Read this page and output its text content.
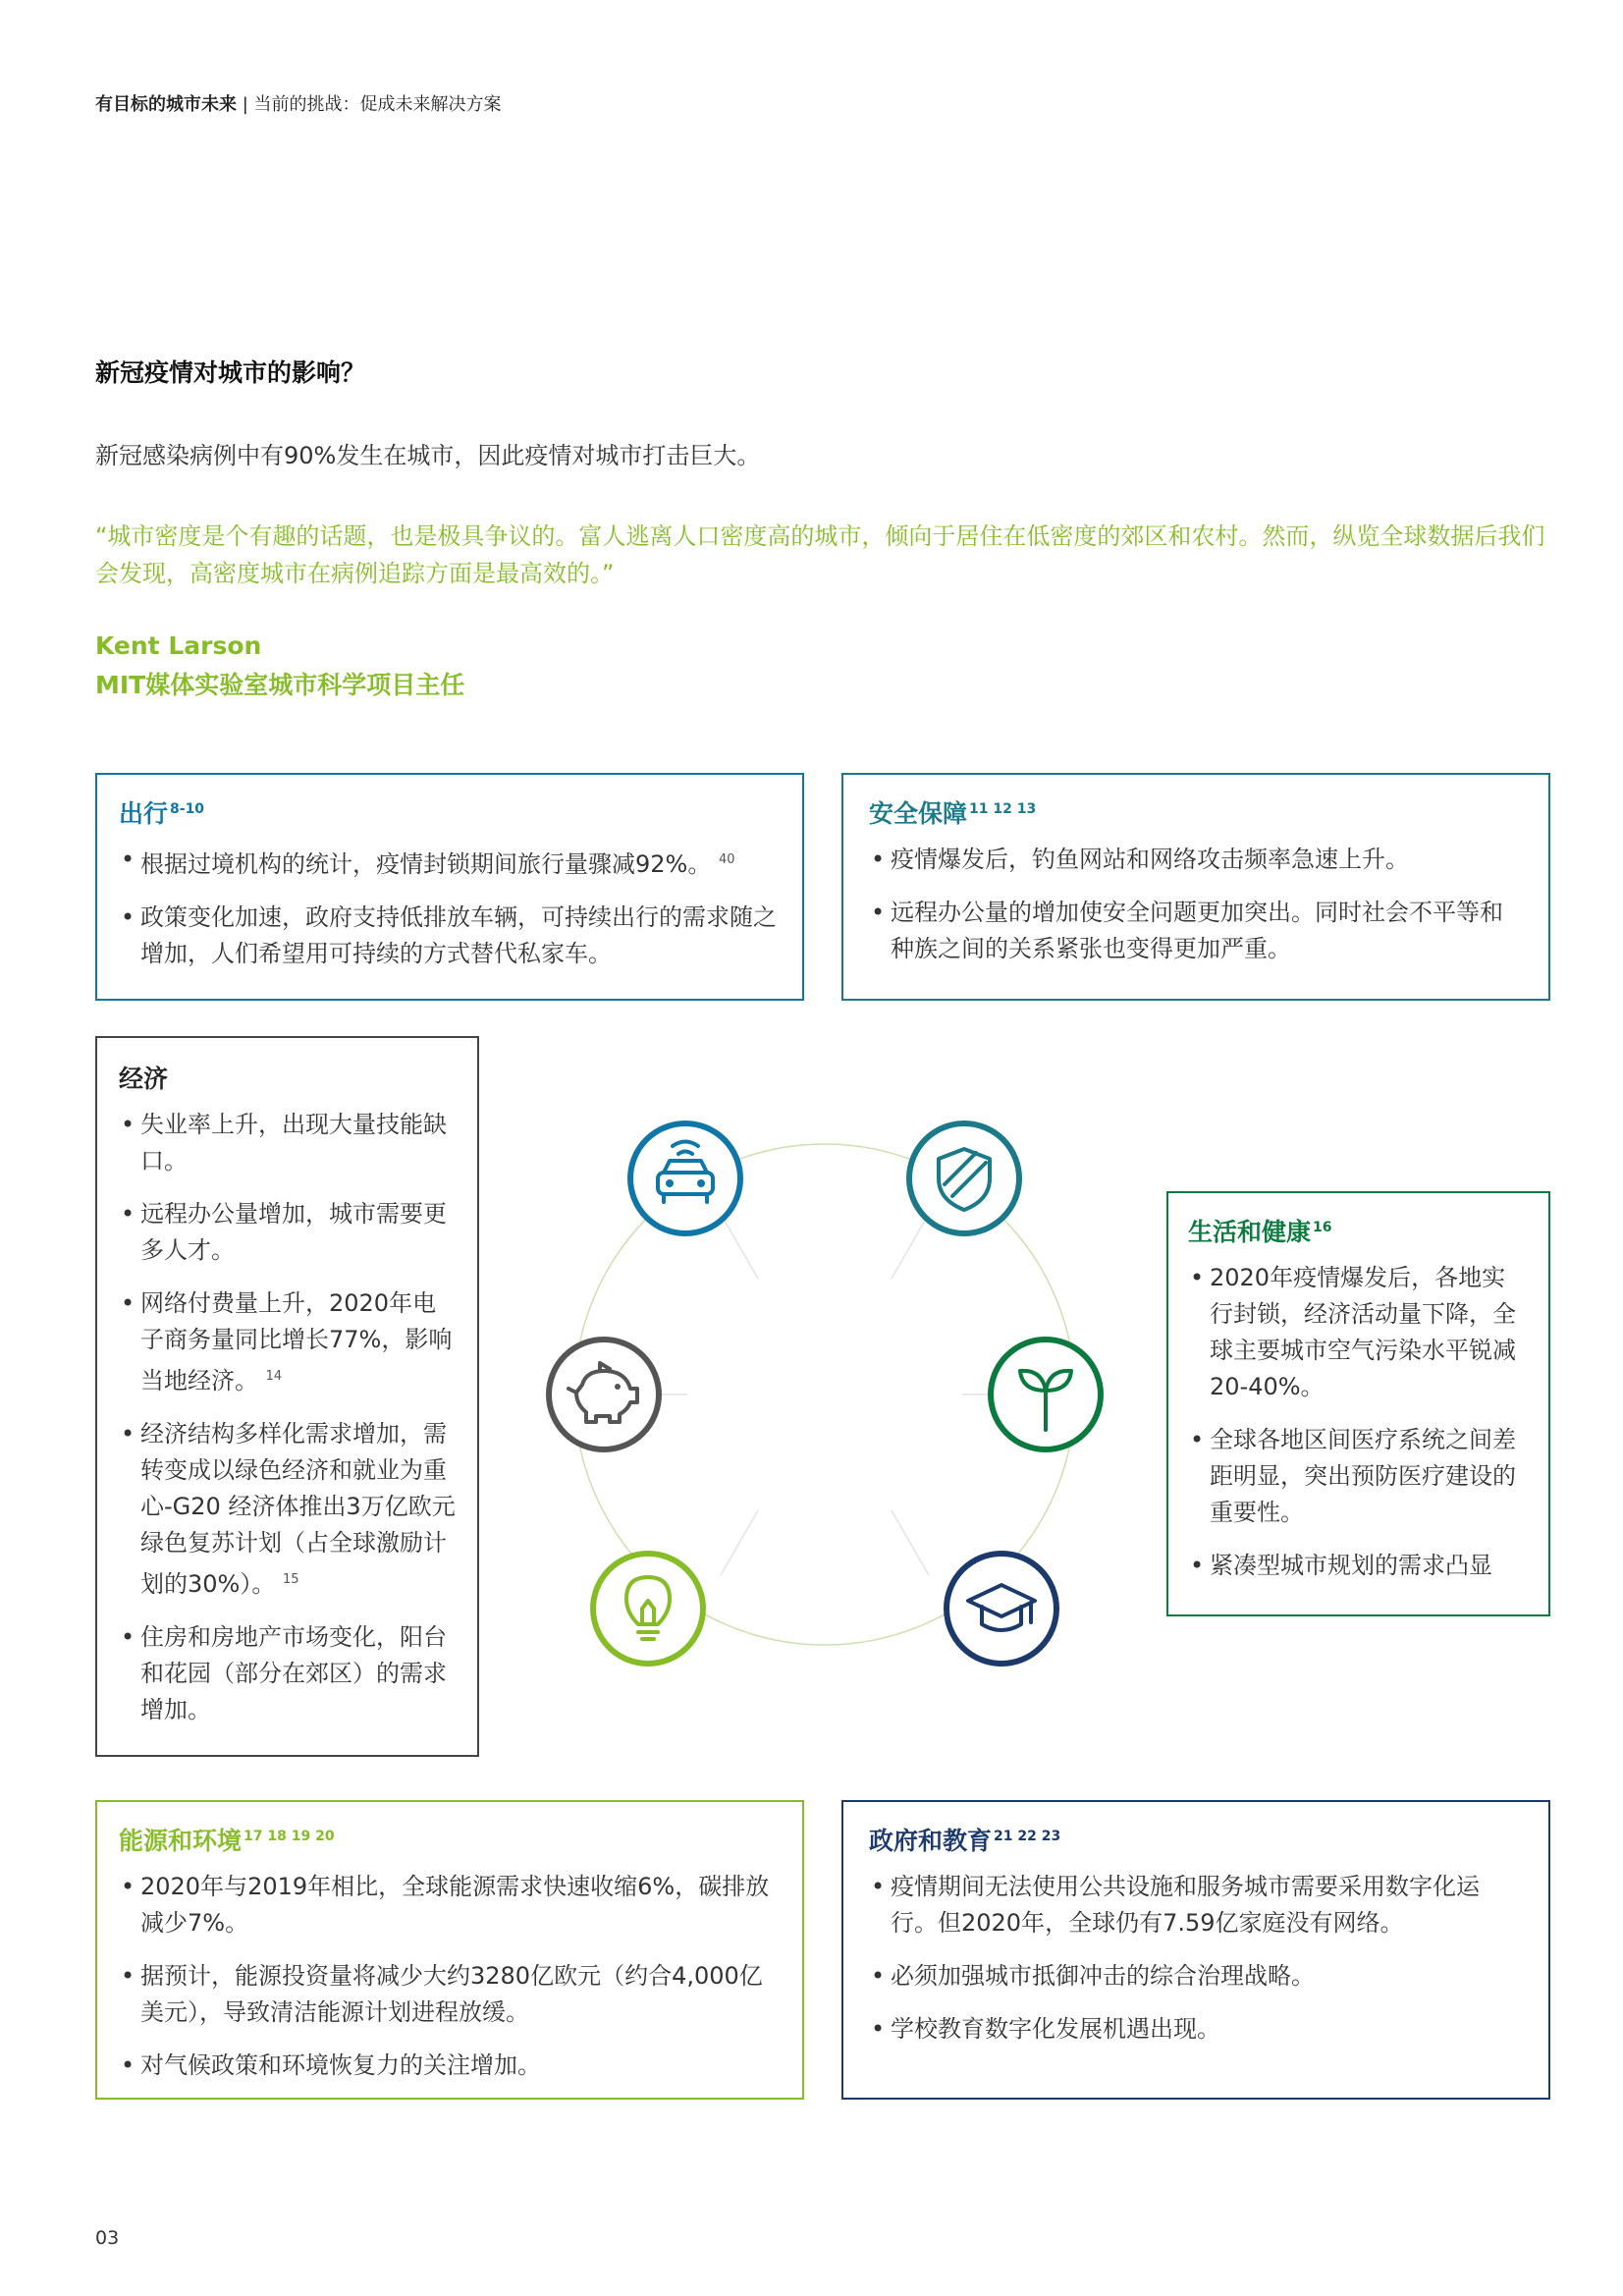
有目标的城市未来 | 当前的挑战：促成未来解决方案
新冠疫情对城市的影响？
新冠感染病例中有90%发生在城市，因此疫情对城市打击巨大。
“城市密度是个有趣的话题，也是极具争议的。富人逃离人口密度高的城市，倾向于居住在低密度的郊区和农村。然而，纵览全球数据后我们会发现，高密度城市在病例追踪方面是最高效的。”
Kent Larson
MIT媒体实验室城市科学项目主任
出行 $^{8-10}$
• 根据过境机构的统计，疫情封锁期间旅行量骤减92%。 $^{40}$
• 政策变化加速，政府支持低排放车辆，可持续出行的需求随之增加，人们希望用可持续的方式替代私家车。
安全保障 $^{11 12 13}$
• 疫情爆发后，钓鱼网站和网络攻击频率急速上升。
• 远程办公量的增加使安全问题更加突出。同时社会不平等和种族之间的关系紧张也变得更加严重。
经济
• 失业率上升，出现大量技能缺口。
• 远程办公量增加，城市需要更多人才。
• 网络付费量上升，2020年电子商务量同比增长77%，影响当地经济。 $^{14}$
• 经济结构多样化需求增加，需转变成以绿色经济和就业为重心-G20 经济体推出3万亿欧元绿色复苏计划（占全球激励计划的30%）。 $^{15}$
• 住房和房地产市场变化，阳台和花园（部分在郊区）的需求增加。
生活和健康 $^{16}$
• 2020年疫情爆发后，各地实行封锁，经济活动量下降，全球主要城市空气污染水平锐减20-40%。
• 全球各地区间医疗系统之间差距明显，突出预防医疗建设的重要性。
• 紧凑型城市规划的需求凸显
能源和环境 $^{17 18 19 20}$
• 2020年与2019年相比，全球能源需求快速收缩6%，碳排放减少7%。
• 据预计，能源投资量将减少大约3280亿欧元（约合4,000亿美元），导致清洁能源计划进程放缓。
• 对气候政策和环境恢复力的关注增加。
政府和教育 $^{21 22 23}$
• 疫情期间无法使用公共设施和服务城市需要采用数字化运行。但2020年，全球仍有7.59亿家庭没有网络。
• 必须加强城市抵御冲击的综合治理战略。
• 学校教育数字化发展机遇出现。
03
